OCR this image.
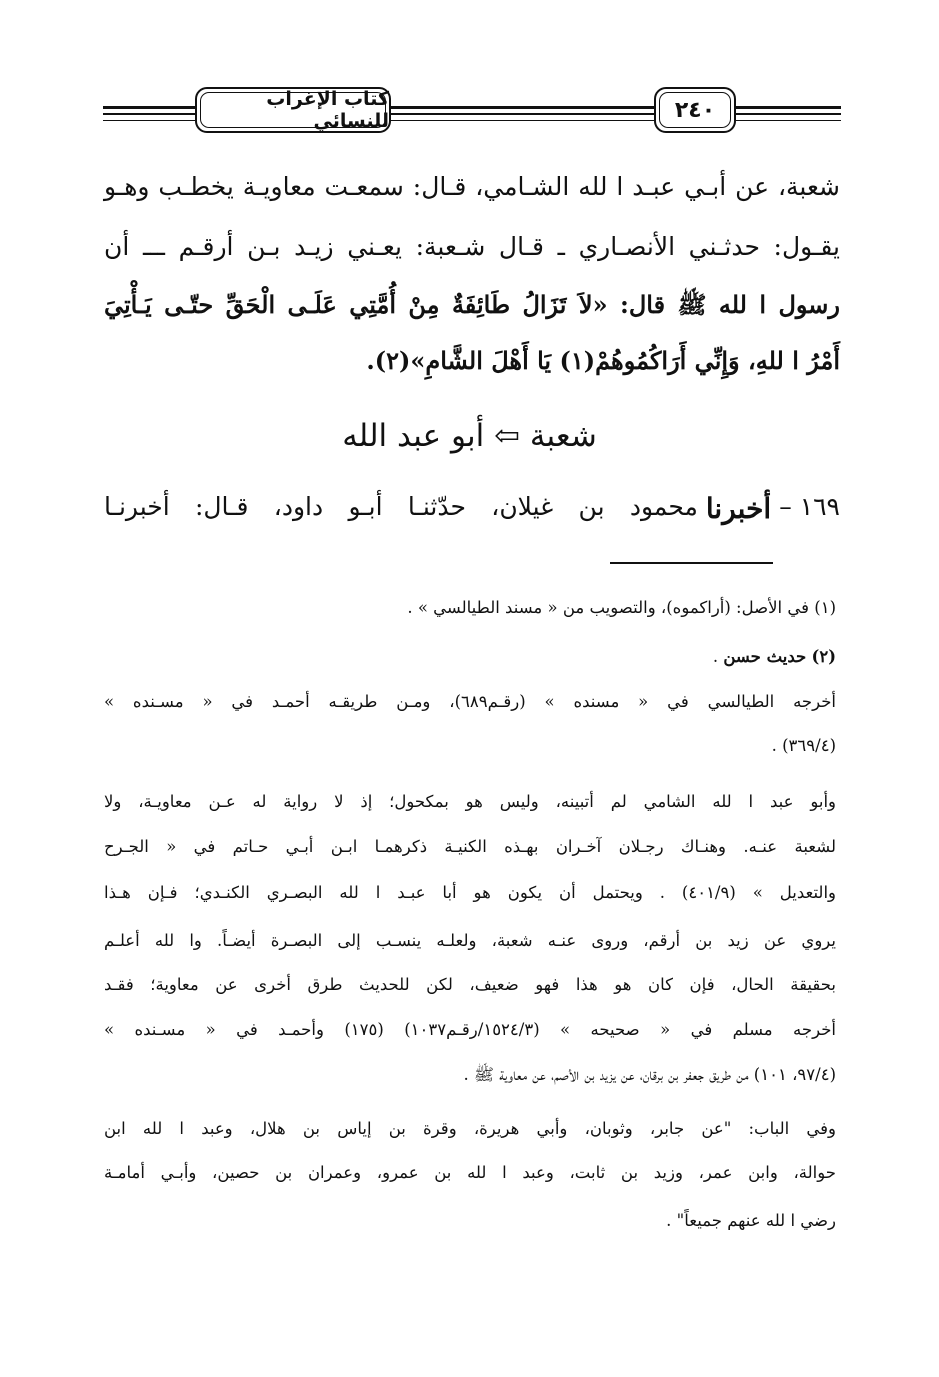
كتاب الإغراب للنسائي	٢٤٠
شعبة، عن أبـي عبـد ا لله الشـامي، قـال: سمعـت معاويـة يخطـب وهـو
يقـول: حدثـني الأنصـاري ـ قـال شـعبة: يعـني زيـد بـن أرقـم ـــ أن
رسول ا لله ﷺ قال: «لاَ تَزَالُ طَائِفَةٌ مِنْ أُمَّتِي عَلَـى الْحَقِّ حتّـى يَـأْتِيَ
أَمْرُ ا للهِ، وَإِنِّي أَرَاكُمُوهُمْ(١) يَا أَهْلَ الشَّامِ»(٢).
شعبة ⇦ أبو عبد الله
١٦٩
–
أخبرنا
محمود بن غيلان، حدّثنـا أبـو داود، قـال: أخبرنـا
(١) في الأصل: (أراكموه)، والتصويب من « مسند الطيالسي » .
(٢) حديث حسن .
أخرجه الطيالسي في « مسنده » (رقـم٦٨٩)، ومـن طريقـه أحمـد في « مسـنده »
(٣٦٩/٤) .
وأبو عبد ا لله الشامي لم أتبينه، وليس هو بمكحول؛ إذ لا رواية له عـن معاويـة، ولا
لشعبة عنـه. وهنـاك رجـلان آخـران بهـذه الكنيـة ذكرهمـا ابـن أبـي حـاتم في « الجـرح
والتعديل » (٤٠١/٩) . ويحتمل أن يكون هو أبا عبـد ا لله البصـري الكنـدي؛ فـإن هـذا
يروي عن زيد بن أرقم، وروى عنـه شعبة، ولعلـه ينسـب إلى البصـرة أيضـاً. وا لله أعلـم
بحقيقة الحال، فإن كان هو هذا فهو ضعيف، لكن للحديث طرق أخرى عن معاوية؛ فقـد
أخرجه مسلم في « صحيحه » (١٥٢٤/٣/رقـم١٠٣٧) (١٧٥) وأحمـد في « مسـنده »
(٩٧/٤، ١٠١) من طريق جعفر بن برقان، عن يزيد بن الأصم، عن معاوية ﷺ .
وفي الباب: "عن جابر، وثوبان، وأبي هريرة، وقرة بن إياس بن هلال، وعبد ا لله ابن
حوالة، وابن عمر، وزيد بن ثابت، وعبد ا لله بن عمرو، وعمران بن حصين، وأبـي أمامـة
رضي ا لله عنهم جميعاً" .
